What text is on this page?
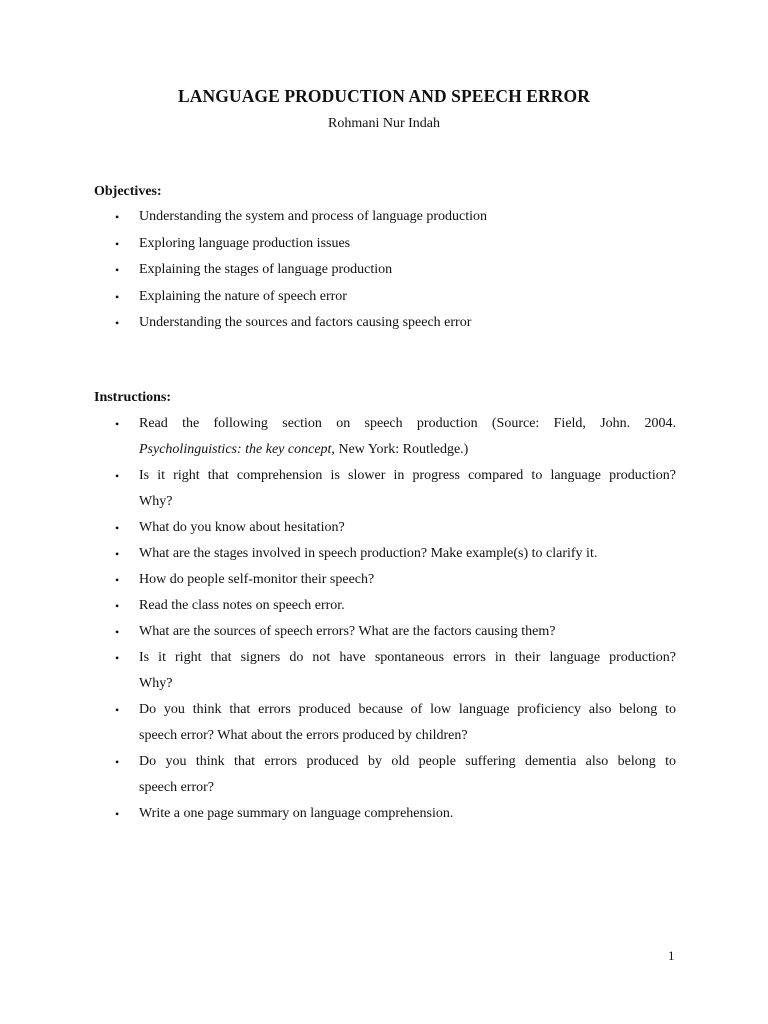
LANGUAGE PRODUCTION AND SPEECH ERROR
Rohmani Nur Indah
Objectives:
• Understanding the system and process of language production
• Exploring language production issues
• Explaining the stages of language production
• Explaining the nature of speech error
• Understanding the sources and factors causing speech error
Instructions:
• Read the following section on speech production (Source: Field, John. 2004.
Psycholinguistics: the key concept, New York: Routledge.)
• Is it right that comprehension is slower in progress compared to language production?
Why?
• What do you know about hesitation?
• What are the stages involved in speech production? Make example(s) to clarify it.
• How do people self-monitor their speech?
• Read the class notes on speech error.
• What are the sources of speech errors? What are the factors causing them?
• Is it right that signers do not have spontaneous errors in their language production?
Why?
• Do you think that errors produced because of low language proficiency also belong to
speech error? What about the errors produced by children?
• Do you think that errors produced by old people suffering dementia also belong to
speech error?
• Write a one page summary on language comprehension.
1
